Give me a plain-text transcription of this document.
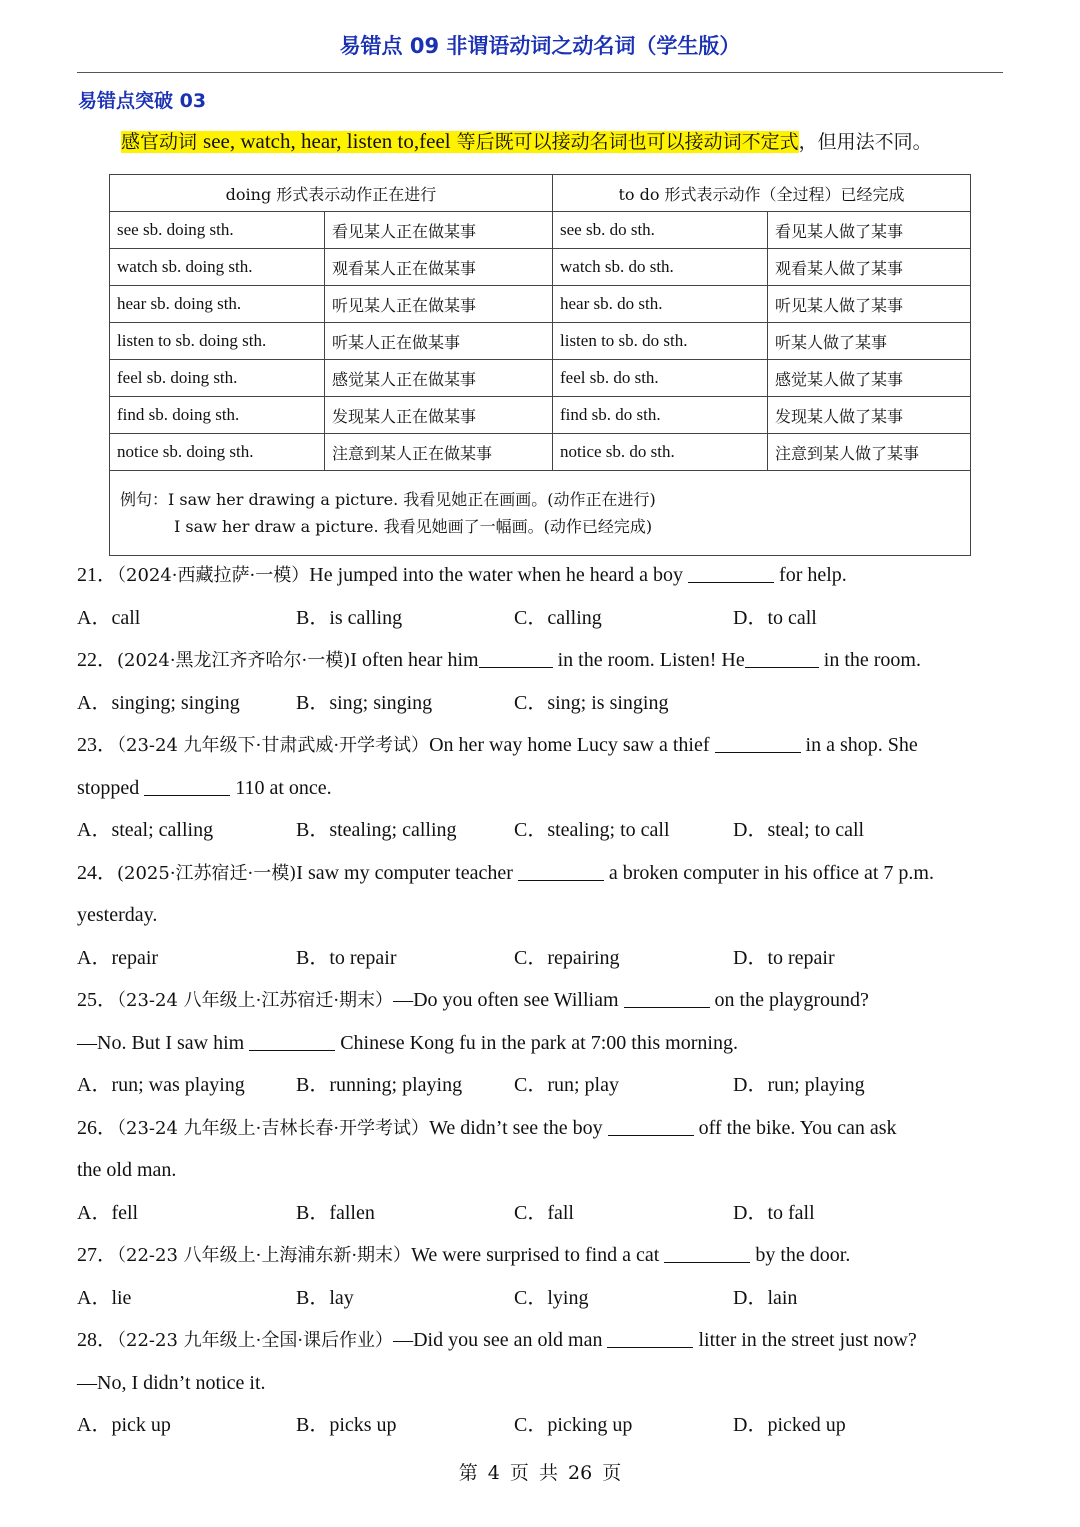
易错点 09 非谓语动词之动名词（学生版）
易错点突破 03
感官动词 see, watch, hear, listen to,feel 等后既可以接动名词也可以接动词不定式，但用法不同。
doing 形式表示动作正在进行		to do 形式表示动作（全过程）已经完成	
see sb. doing sth.	看见某人正在做某事	see sb. do sth.	看见某人做了某事
watch sb. doing sth.	观看某人正在做某事	watch sb. do sth.	观看某人做了某事
hear sb. doing sth.	听见某人正在做某事	hear sb. do sth.	听见某人做了某事
listen to sb. doing sth.	听某人正在做某事	listen to sb. do sth.	听某人做了某事
feel sb. doing sth.	感觉某人正在做某事	feel sb. do sth.	感觉某人做了某事
find sb. doing sth.	发现某人正在做某事	find sb. do sth.	发现某人做了某事
notice sb. doing sth.	注意到某人正在做某事	notice sb. do sth.	注意到某人做了某事

例句：I saw her drawing a picture. 我看见她正在画画。(动作正在进行)
I saw her draw a picture. 我看见她画了一幅画。(动作已经完成)			
21．（2024·西藏拉萨·一模）He jumped into the water when he heard a boy	for help.
A．call	B．is calling	C．calling	D．to call
22．(2024·黑龙江齐齐哈尔·一模)I often hear him	in the room. Listen! He	in the room.
A．singing; singing	B．sing; singing	C．sing; is singing
23．（23-24 九年级下·甘肃武威·开学考试）On her way home Lucy saw a thief	in a shop. She
stopped	110 at once.
A．steal; calling	B．stealing; calling	C．stealing; to call	D．steal; to call
24．(2025·江苏宿迁·一模)I saw my computer teacher	a broken computer in his office at 7 p.m.
yesterday.
A．repair	B．to repair	C．repairing	D．to repair
25．（23-24 八年级上·江苏宿迁·期末）—Do you often see William	on the playground?
—No. But I saw him	Chinese Kong fu in the park at 7:00 this morning.
A．run; was playing	B．running; playing	C．run; play	D．run; playing
26．（23-24 九年级上·吉林长春·开学考试）We didn’t see the boy	off the bike. You can ask
the old man.
A．fell	B．fallen	C．fall	D．to fall
27．（22-23 八年级上·上海浦东新·期末）We were surprised to find a cat	by the door.
A．lie	B．lay	C．lying	D．lain
28．（22-23 九年级上·全国·课后作业）—Did you see an old man	litter in the street just now?
—No, I didn’t notice it.
A．pick up	B．picks up	C．picking up	D．picked up
第 4 页 共 26 页
